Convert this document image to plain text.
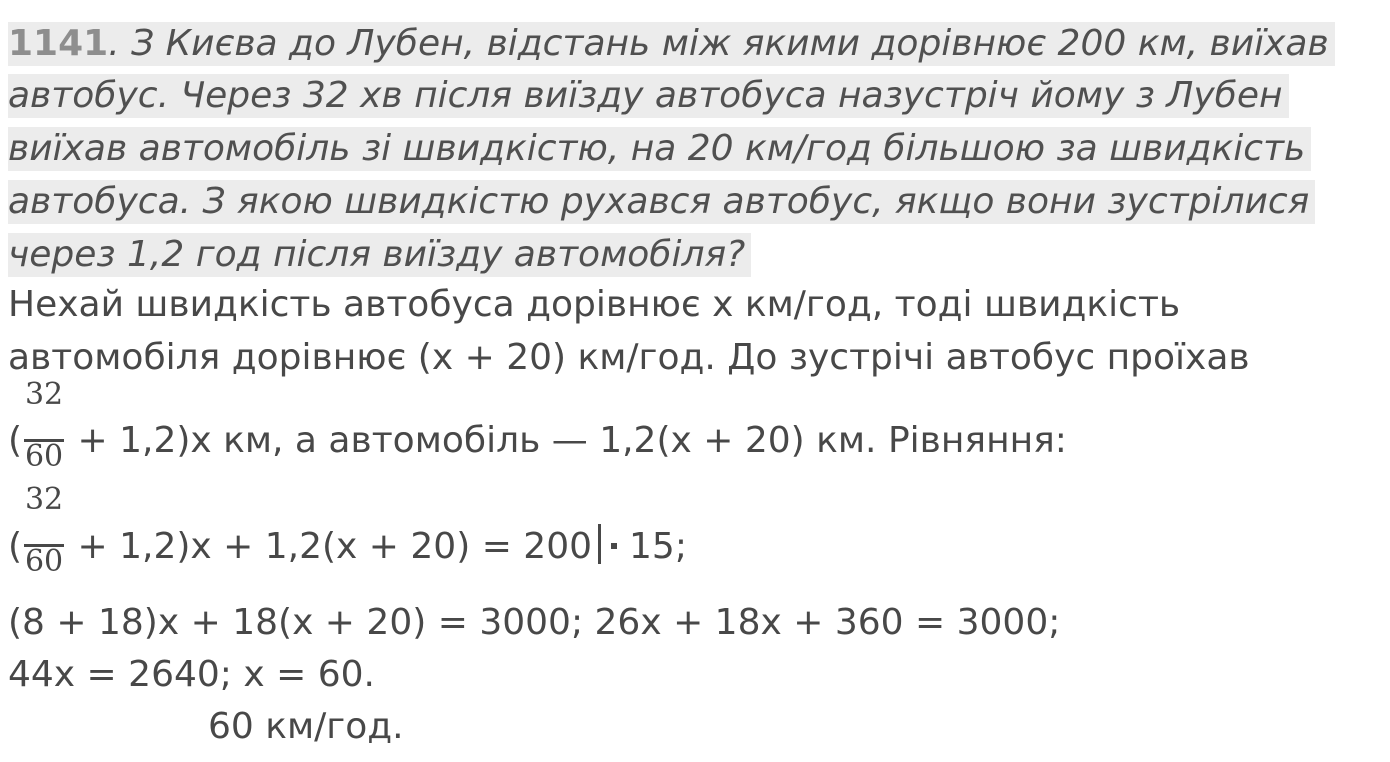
1141. З Києва до Лубен, відстань між якими дорівнює 200 км, виїхав
автобус. Через 32 хв після виїзду автобуса назустріч йому з Лубен
виїхав автомобіль зі швидкістю, на 20 км/год більшою за швидкість
автобуса. З якою швидкістю рухався автобус, якщо вони зустрілися
через 1,2 год після виїзду автомобіля?
Нехай швидкість автобуса дорівнює x км/год, тоді швидкість
автомобіля дорівнює (x + 20) км/год. До зустрічі автобус проїхав
( $\frac{32}{60} + 1,2)x$ км, а автомобіль — 1,2(x + 20) км. Рівняння:
( $\frac{32}{60} + 1,2)x + 1,2(x + 20) = 200$ 15;
(8 + 18)x + 18(x + 20) = 3000; 26x + 18x + 360 = 3000;
44x = 2640; x = 60.
60 км/год.
